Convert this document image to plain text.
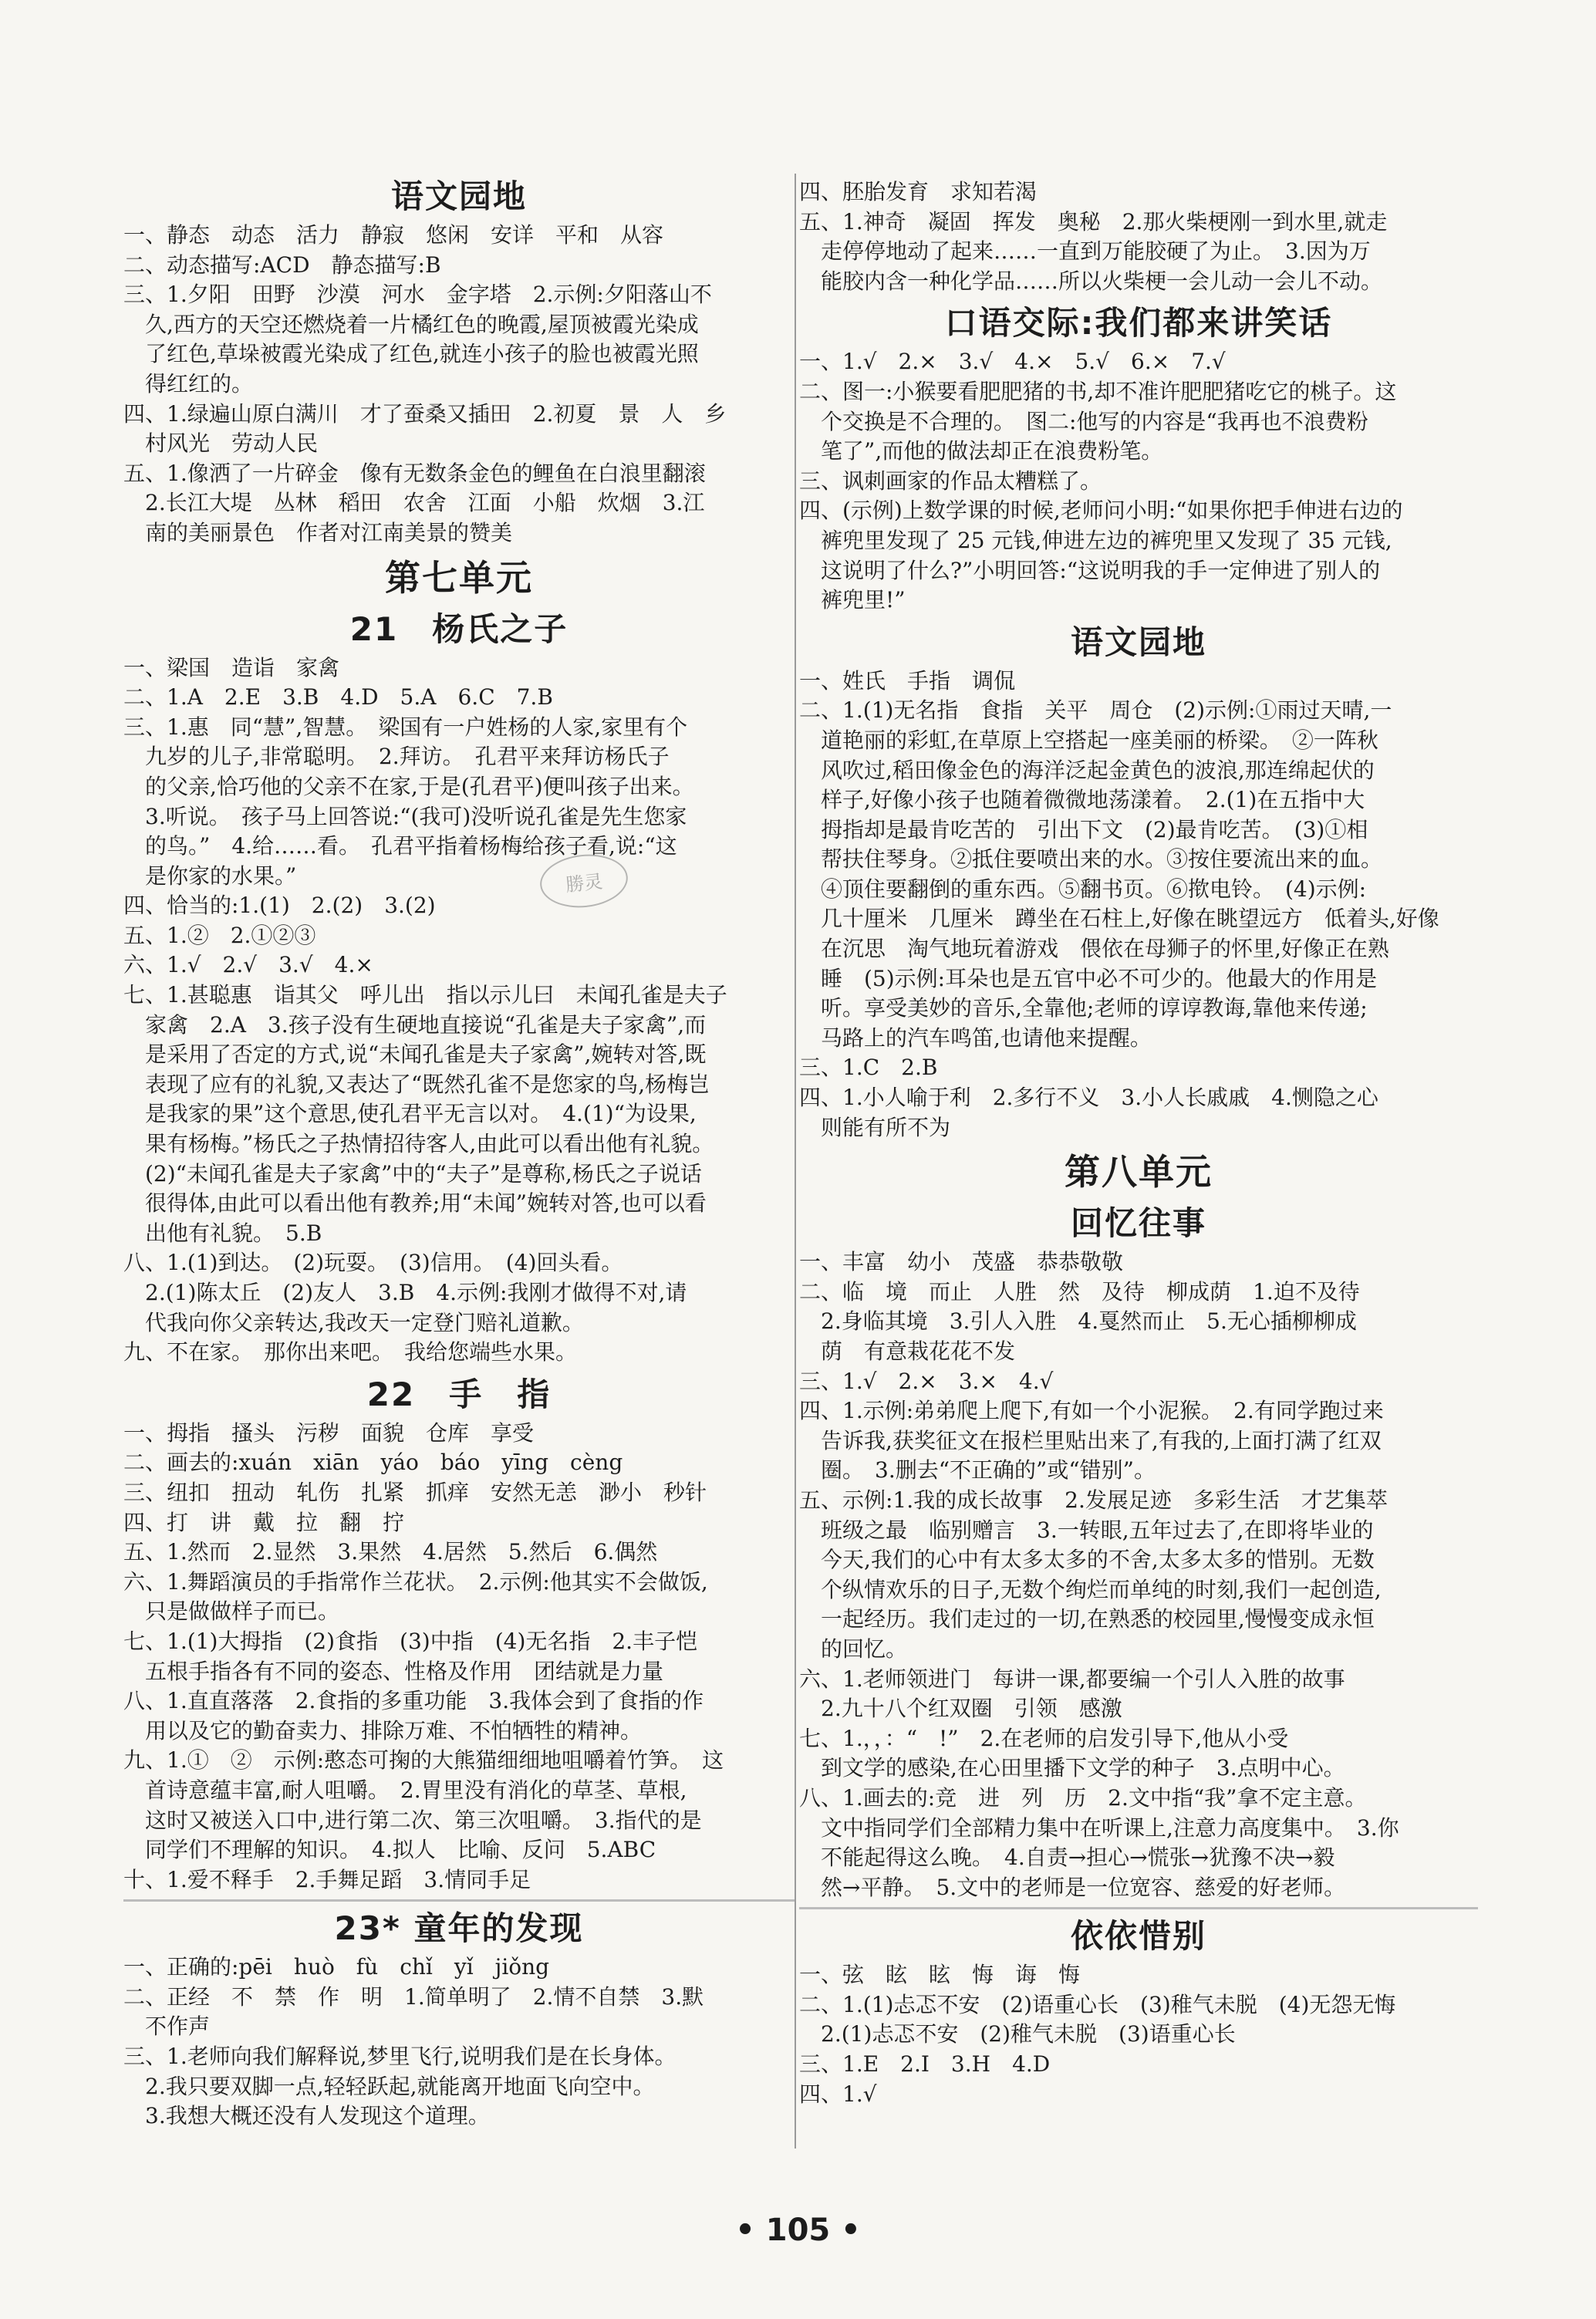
语文园地
一、静态　动态　活力　静寂　悠闲　安详　平和　从容
二、动态描写:ACD　静态描写:B
三、1.夕阳　田野　沙漠　河水　金字塔　2.示例:夕阳落山不
　久,西方的天空还燃烧着一片橘红色的晚霞,屋顶被霞光染成
　了红色,草垛被霞光染成了红色,就连小孩子的脸也被霞光照
　得红红的。
四、1.绿遍山原白满川　才了蚕桑又插田　2.初夏　景　人　乡
　村风光　劳动人民
五、1.像洒了一片碎金　像有无数条金色的鲤鱼在白浪里翻滚
　2.长江大堤　丛林　稻田　农舍　江面　小船　炊烟　3.江
　南的美丽景色　作者对江南美景的赞美
第七单元
21　杨氏之子
一、梁国　造诣　家禽
二、1.A　2.E　3.B　4.D　5.A　6.C　7.B
三、1.惠　同“慧”,智慧。　梁国有一户姓杨的人家,家里有个
　九岁的儿子,非常聪明。　2.拜访。　孔君平来拜访杨氏子
　的父亲,恰巧他的父亲不在家,于是(孔君平)便叫孩子出来。
　3.听说。　孩子马上回答说:“(我可)没听说孔雀是先生您家
　的鸟。”　4.给……看。　孔君平指着杨梅给孩子看,说:“这
　是你家的水果。”
四、恰当的:1.(1)　2.(2)　3.(2)
五、1.②　2.①②③
六、1.√　2.√　3.√　4.×
七、1.甚聪惠　诣其父　呼儿出　指以示儿曰　未闻孔雀是夫子
　家禽　2.A　3.孩子没有生硬地直接说“孔雀是夫子家禽”,而
　是采用了否定的方式,说“未闻孔雀是夫子家禽”,婉转对答,既
　表现了应有的礼貌,又表达了“既然孔雀不是您家的鸟,杨梅岂
　是我家的果”这个意思,使孔君平无言以对。　4.(1)“为设果,
　果有杨梅。”杨氏之子热情招待客人,由此可以看出他有礼貌。
　(2)“未闻孔雀是夫子家禽”中的“夫子”是尊称,杨氏之子说话
　很得体,由此可以看出他有教养;用“未闻”婉转对答,也可以看
　出他有礼貌。　5.B
八、1.(1)到达。　(2)玩耍。　(3)信用。　(4)回头看。
　2.(1)陈太丘　(2)友人　3.B　4.示例:我刚才做得不对,请
　代我向你父亲转达,我改天一定登门赔礼道歉。
九、不在家。　那你出来吧。　我给您端些水果。
22　手　指
一、拇指　搔头　污秽　面貌　仓库　享受
二、画去的:xuán　xiān　yáo　báo　yīng　cèng
三、纽扣　扭动　轧伤　扎紧　抓痒　安然无恙　渺小　秒针
四、打　讲　戴　拉　翻　拧
五、1.然而　2.显然　3.果然　4.居然　5.然后　6.偶然
六、1.舞蹈演员的手指常作兰花状。　2.示例:他其实不会做饭,
　只是做做样子而已。
七、1.(1)大拇指　(2)食指　(3)中指　(4)无名指　2.丰子恺
　五根手指各有不同的姿态、性格及作用　团结就是力量
八、1.直直落落　2.食指的多重功能　3.我体会到了食指的作
　用以及它的勤奋卖力、排除万难、不怕牺牲的精神。
九、1.①　②　示例:憨态可掬的大熊猫细细地咀嚼着竹笋。　这
　首诗意蕴丰富,耐人咀嚼。　2.胃里没有消化的草茎、草根,
　这时又被送入口中,进行第二次、第三次咀嚼。　3.指代的是
　同学们不理解的知识。　4.拟人　比喻、反问　5.ABC
十、1.爱不释手　2.手舞足蹈　3.情同手足
23* 童年的发现
一、正确的:pēi　huò　fù　chǐ　yǐ　jiǒng
二、正经　不　禁　作　明　1.简单明了　2.情不自禁　3.默
　不作声
三、1.老师向我们解释说,梦里飞行,说明我们是在长身体。
　2.我只要双脚一点,轻轻跃起,就能离开地面飞向空中。
　3.我想大概还没有人发现这个道理。
四、胚胎发育　求知若渴
五、1.神奇　凝固　挥发　奥秘　2.那火柴梗刚一到水里,就走
　走停停地动了起来……一直到万能胶硬了为止。　3.因为万
　能胶内含一种化学品……所以火柴梗一会儿动一会儿不动。
口语交际:我们都来讲笑话
一、1.√　2.×　3.√　4.×　5.√　6.×　7.√
二、图一:小猴要看肥肥猪的书,却不准许肥肥猪吃它的桃子。这
　个交换是不合理的。　图二:他写的内容是“我再也不浪费粉
　笔了”,而他的做法却正在浪费粉笔。
三、讽刺画家的作品太糟糕了。
四、(示例)上数学课的时候,老师问小明:“如果你把手伸进右边的
　裤兜里发现了 25 元钱,伸进左边的裤兜里又发现了 35 元钱,
　这说明了什么?”小明回答:“这说明我的手一定伸进了别人的
　裤兜里!”
语文园地
一、姓氏　手指　调侃
二、1.(1)无名指　食指　关平　周仓　(2)示例:①雨过天晴,一
　道艳丽的彩虹,在草原上空搭起一座美丽的桥梁。　②一阵秋
　风吹过,稻田像金色的海洋泛起金黄色的波浪,那连绵起伏的
　样子,好像小孩子也随着微微地荡漾着。　2.(1)在五指中大
　拇指却是最肯吃苦的　引出下文　(2)最肯吃苦。　(3)①相
　帮扶住琴身。②抵住要喷出来的水。③按住要流出来的血。
　④顶住要翻倒的重东西。⑤翻书页。⑥揿电铃。　(4)示例:
　几十厘米　几厘米　蹲坐在石柱上,好像在眺望远方　低着头,好像
　在沉思　淘气地玩着游戏　偎依在母狮子的怀里,好像正在熟
　睡　(5)示例:耳朵也是五官中必不可少的。他最大的作用是
　听。享受美妙的音乐,全靠他;老师的谆谆教诲,靠他来传递;
　马路上的汽车鸣笛,也请他来提醒。
三、1.C　2.B
四、1.小人喻于利　2.多行不义　3.小人长戚戚　4.恻隐之心
　则能有所不为
第八单元
回忆往事
一、丰富　幼小　茂盛　恭恭敬敬
二、临　境　而止　人胜　然　及待　柳成荫　1.迫不及待
　2.身临其境　3.引人入胜　4.戛然而止　5.无心插柳柳成
　荫　有意栽花花不发
三、1.√　2.×　3.×　4.√
四、1.示例:弟弟爬上爬下,有如一个小泥猴。　2.有同学跑过来
　告诉我,获奖征文在报栏里贴出来了,有我的,上面打满了红双
　圈。　3.删去“不正确的”或“错别”。
五、示例:1.我的成长故事　2.发展足迹　多彩生活　才艺集萃
　班级之最　临别赠言　3.一转眼,五年过去了,在即将毕业的
　今天,我们的心中有太多太多的不舍,太多太多的惜别。无数
　个纵情欢乐的日子,无数个绚烂而单纯的时刻,我们一起创造,
　一起经历。我们走过的一切,在熟悉的校园里,慢慢变成永恒
　的回忆。
六、1.老师领进门　每讲一课,都要编一个引人入胜的故事
　2.九十八个红双圈　引领　感激
七、1.，，：“　!”　2.在老师的启发引导下,他从小受
　到文学的感染,在心田里播下文学的种子　3.点明中心。
八、1.画去的:竞　进　列　历　2.文中指“我”拿不定主意。
　文中指同学们全部精力集中在听课上,注意力高度集中。　3.你
　不能起得这么晚。　4.自责→担心→慌张→犹豫不决→毅
　然→平静。　5.文中的老师是一位宽容、慈爱的好老师。
依依惜别
一、弦　眩　眩　悔　诲　悔
二、1.(1)忐忑不安　(2)语重心长　(3)稚气未脱　(4)无怨无悔
　2.(1)忐忑不安　(2)稚气未脱　(3)语重心长
三、1.E　2.I　3.H　4.D
四、1.√
勝灵
• 105 •
